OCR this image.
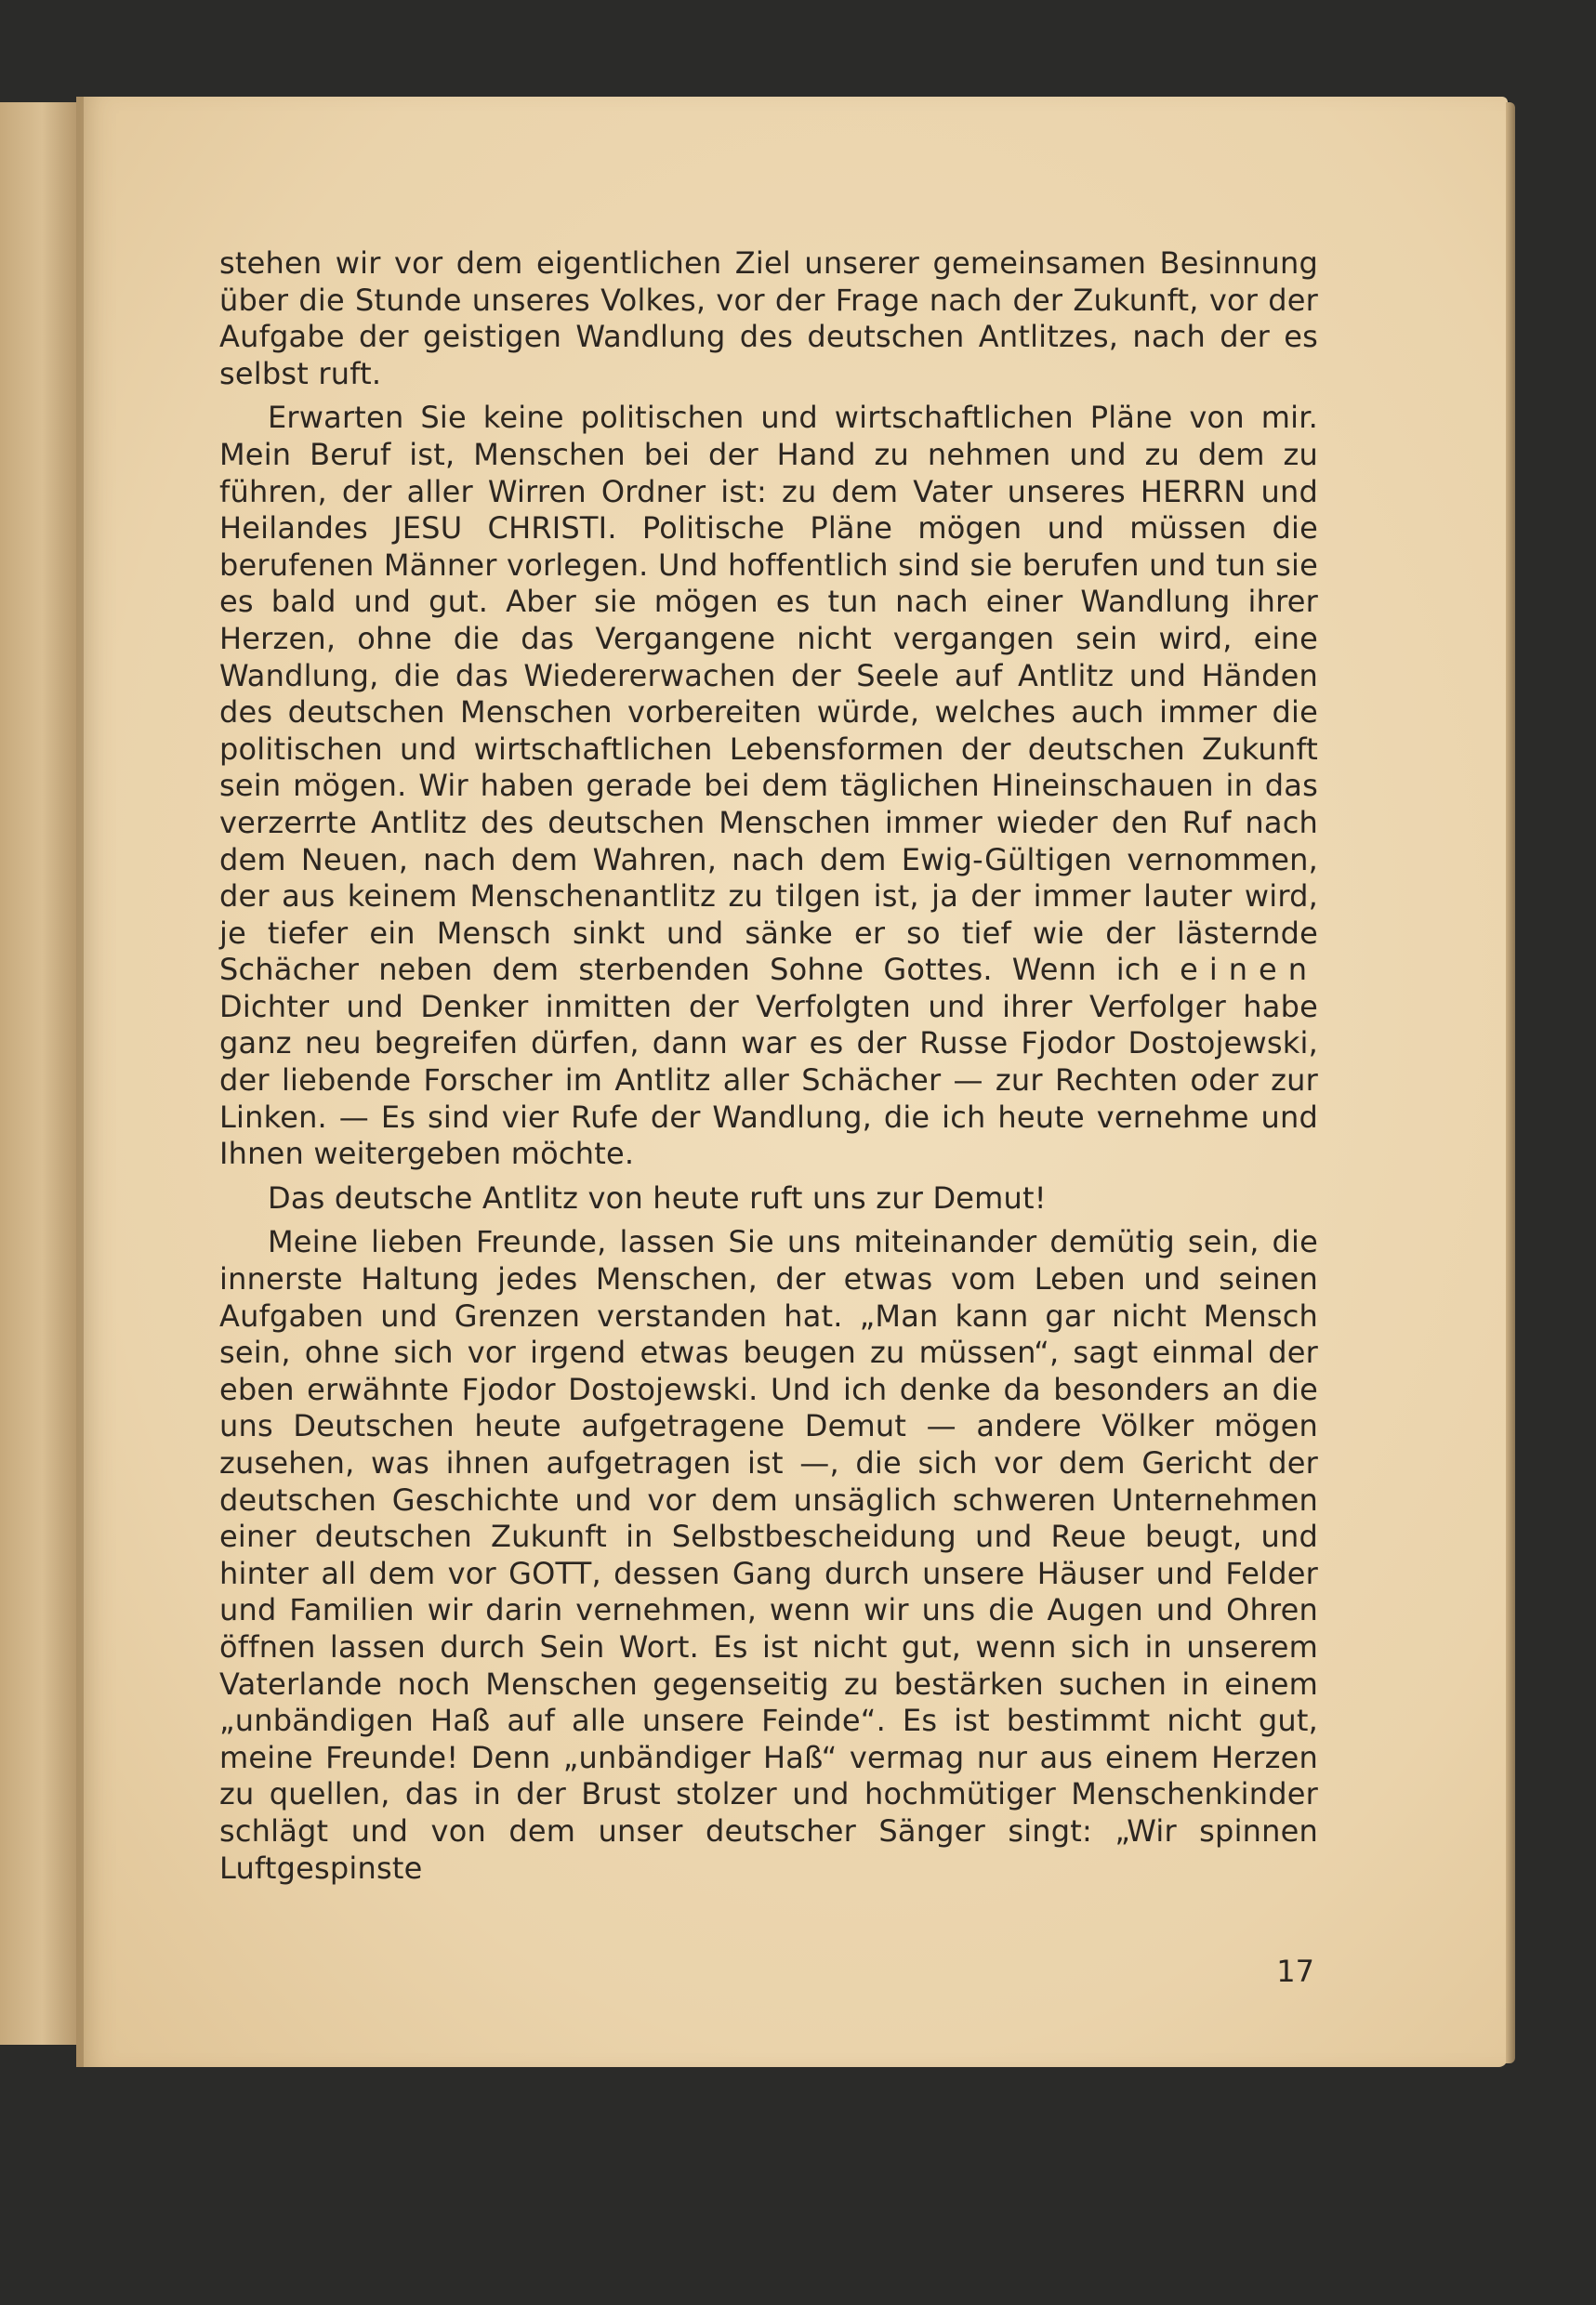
stehen wir vor dem eigentlichen Ziel unserer gemeinsamen Besinnung über die Stunde unseres Volkes, vor der Frage nach der Zukunft, vor der Aufgabe der geistigen Wandlung des deutschen Antlitzes, nach der es selbst ruft.

Erwarten Sie keine politischen und wirtschaftlichen Pläne von mir. Mein Beruf ist, Menschen bei der Hand zu nehmen und zu dem zu führen, der aller Wirren Ordner ist: zu dem Vater unseres HERRN und Heilandes JESU CHRISTI. Politische Pläne mögen und müssen die berufenen Männer vorlegen. Und hoffentlich sind sie berufen und tun sie es bald und gut. Aber sie mögen es tun nach einer Wandlung ihrer Herzen, ohne die das Vergangene nicht vergangen sein wird, eine Wandlung, die das Wiedererwachen der Seele auf Antlitz und Händen des deutschen Menschen vorbereiten würde, welches auch immer die politischen und wirtschaftlichen Lebensformen der deutschen Zukunft sein mögen. Wir haben gerade bei dem täglichen Hineinschauen in das verzerrte Antlitz des deutschen Menschen immer wieder den Ruf nach dem Neuen, nach dem Wahren, nach dem Ewig-Gültigen vernommen, der aus keinem Menschenantlitz zu tilgen ist, ja der immer lauter wird, je tiefer ein Mensch sinkt und sänke er so tief wie der lästernde Schächer neben dem sterbenden Sohne Gottes. Wenn ich einen Dichter und Denker inmitten der Verfolgten und ihrer Verfolger habe ganz neu begreifen dürfen, dann war es der Russe Fjodor Dostojewski, der liebende Forscher im Antlitz aller Schächer — zur Rechten oder zur Linken. — Es sind vier Rufe der Wandlung, die ich heute vernehme und Ihnen weitergeben möchte.

Das deutsche Antlitz von heute ruft uns zur Demut!

Meine lieben Freunde, lassen Sie uns miteinander demütig sein, die innerste Haltung jedes Menschen, der etwas vom Leben und seinen Aufgaben und Grenzen verstanden hat. „Man kann gar nicht Mensch sein, ohne sich vor irgend etwas beugen zu müssen“, sagt einmal der eben erwähnte Fjodor Dostojewski. Und ich denke da besonders an die uns Deutschen heute aufgetragene Demut — andere Völker mögen zusehen, was ihnen aufgetragen ist —, die sich vor dem Gericht der deutschen Geschichte und vor dem unsäglich schweren Unternehmen einer deutschen Zukunft in Selbstbescheidung und Reue beugt, und hinter all dem vor GOTT, dessen Gang durch unsere Häuser und Felder und Familien wir darin vernehmen, wenn wir uns die Augen und Ohren öffnen lassen durch Sein Wort. Es ist nicht gut, wenn sich in unserem Vaterlande noch Menschen gegenseitig zu bestärken suchen in einem „unbändigen Haß auf alle unsere Feinde“. Es ist bestimmt nicht gut, meine Freunde! Denn „unbändiger Haß“ vermag nur aus einem Herzen zu quellen, das in der Brust stolzer und hochmütiger Menschenkinder schlägt und von dem unser deutscher Sänger singt: „Wir spinnen Luftgespinste

17
